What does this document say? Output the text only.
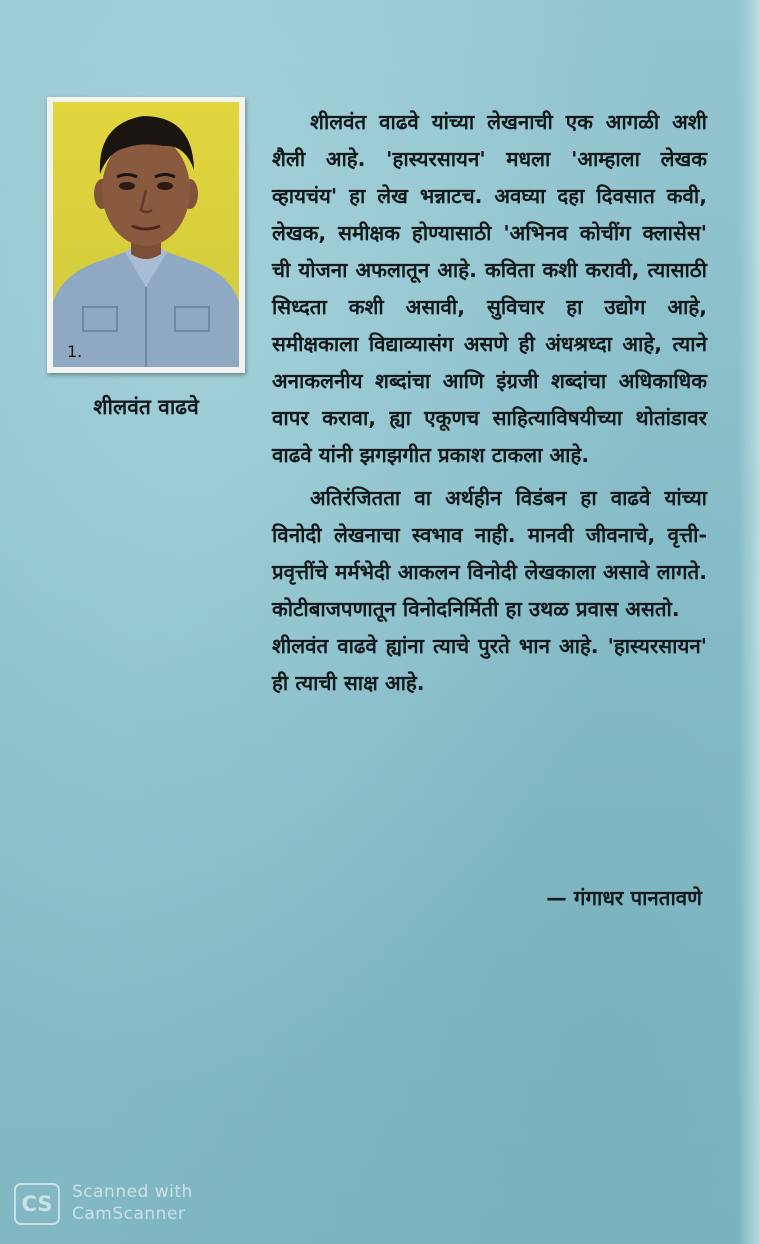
1.
शीलवंत वाढवे

शीलवंत वाढवे यांच्या लेखनाची एक आगळी अशी शैली आहे. 'हास्यरसायन' मधला 'आम्हाला लेखक व्हायचंय' हा लेख भन्नाटच. अवघ्या दहा दिवसात कवी, लेखक, समीक्षक होण्यासाठी 'अभिनव कोचींग क्लासेस' ची योजना अफलातून आहे. कविता कशी करावी, त्यासाठी सिध्दता कशी असावी, सुविचार हा उद्योग आहे, समीक्षकाला विद्याव्यासंग असणे ही अंधश्रध्दा आहे, त्याने अनाकलनीय शब्दांचा आणि इंग्रजी शब्दांचा अधिकाधिक वापर करावा, ह्या एकूणच साहित्याविषयीच्या थोतांडावर वाढवे यांनी झगझगीत प्रकाश टाकला आहे.

अतिरंजितता वा अर्थहीन विडंबन हा वाढवे यांच्या विनोदी लेखनाचा स्वभाव नाही. मानवी जीवनाचे, वृत्ती-प्रवृत्तींचे मर्मभेदी आकलन विनोदी लेखकाला असावे लागते. कोटीबाजपणातून विनोदनिर्मिती हा उथळ प्रवास असतो.

शीलवंत वाढवे ह्यांना त्याचे पुरते भान आहे. 'हास्यरसायन' ही त्याची साक्ष आहे.

— गंगाधर पानतावणे
CS	Scanned with
CamScanner
